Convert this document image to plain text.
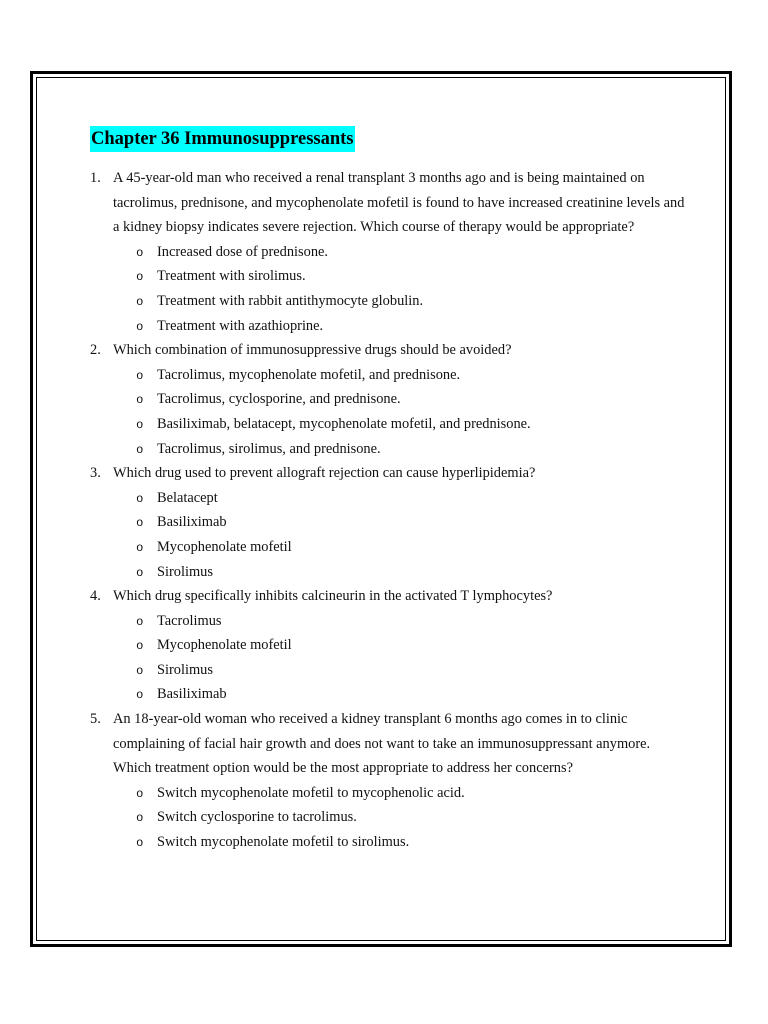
Chapter 36 Immunosuppressants
1. A 45-year-old man who received a renal transplant 3 months ago and is being maintained on tacrolimus, prednisone, and mycophenolate mofetil is found to have increased creatinine levels and a kidney biopsy indicates severe rejection. Which course of therapy would be appropriate?
o Increased dose of prednisone.
o Treatment with sirolimus.
o Treatment with rabbit antithymocyte globulin.
o Treatment with azathioprine.
2. Which combination of immunosuppressive drugs should be avoided?
o Tacrolimus, mycophenolate mofetil, and prednisone.
o Tacrolimus, cyclosporine, and prednisone.
o Basiliximab, belatacept, mycophenolate mofetil, and prednisone.
o Tacrolimus, sirolimus, and prednisone.
3. Which drug used to prevent allograft rejection can cause hyperlipidemia?
o Belatacept
o Basiliximab
o Mycophenolate mofetil
o Sirolimus
4. Which drug specifically inhibits calcineurin in the activated T lymphocytes?
o Tacrolimus
o Mycophenolate mofetil
o Sirolimus
o Basiliximab
5. An 18-year-old woman who received a kidney transplant 6 months ago comes in to clinic complaining of facial hair growth and does not want to take an immunosuppressant anymore. Which treatment option would be the most appropriate to address her concerns?
o Switch mycophenolate mofetil to mycophenolic acid.
o Switch cyclosporine to tacrolimus.
o Switch mycophenolate mofetil to sirolimus.
